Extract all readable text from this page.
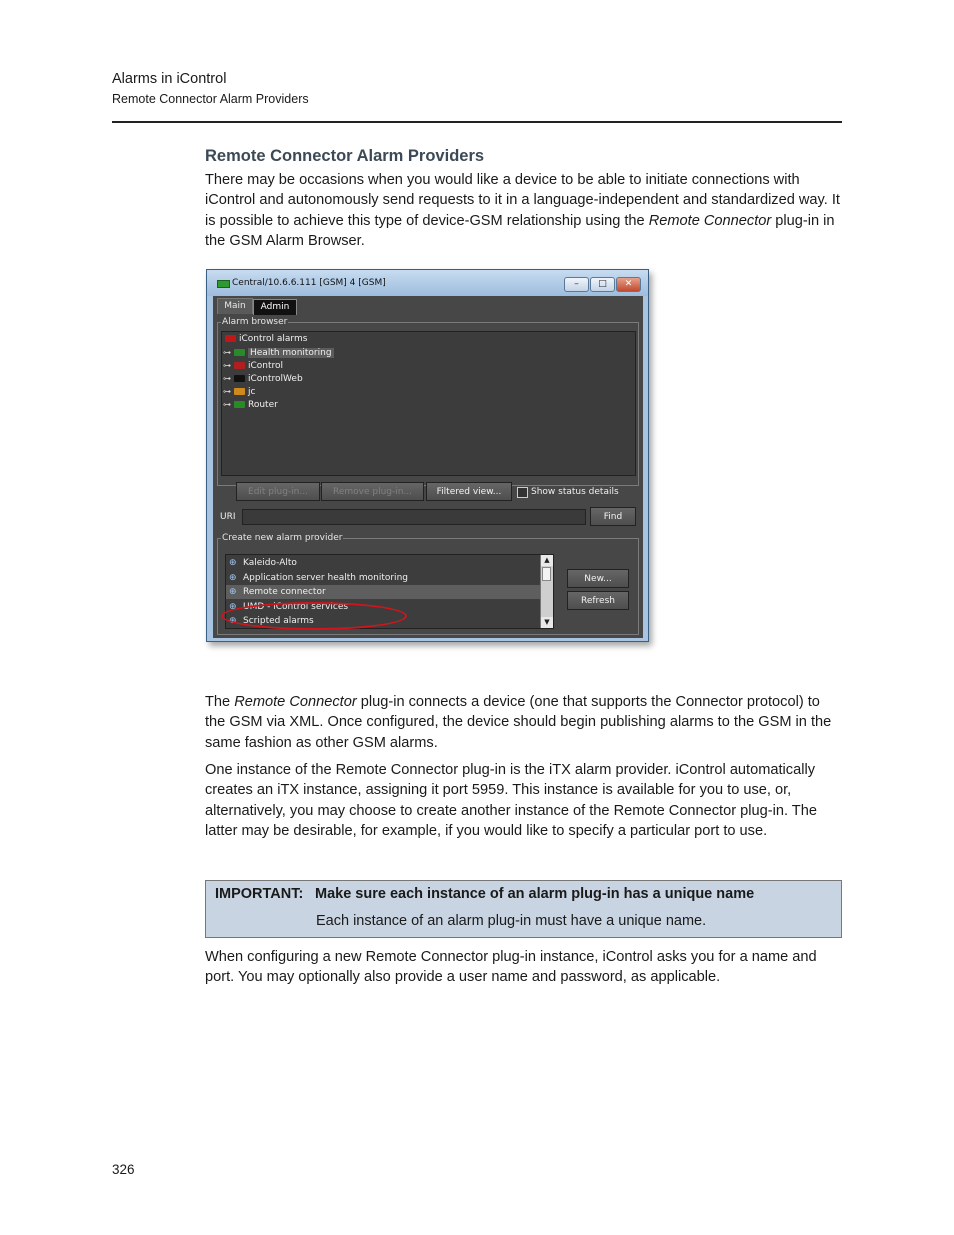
Alarms in iControl
Remote Connector Alarm Providers
Remote Connector Alarm Providers

There may be occasions when you would like a device to be able to initiate connections with iControl and autonomously send requests to it in a language-independent and standardized way. It is possible to achieve this type of device-GSM relationship using the Remote Connector plug-in in the GSM Alarm Browser.

Central/10.6.6.111 [GSM] 4 [GSM]	–	□	✕
Main	Admin
Alarm browser
iControl alarms
⊶ Health monitoring
⊶ iControl
⊶ iControlWeb
⊶ jc
⊶ Router
Edit plug-in...	Remove plug-in...	Filtered view...	Show status details
URI	Find
Create new alarm provider
⊕ Kaleido-Alto
⊕ Application server health monitoring
⊕ Remote connector
⊕ UMD - iControl services
⊕ Scripted alarms
▲
▼
New...
Refresh

The Remote Connector plug-in connects a device (one that supports the Connector protocol) to the GSM via XML. Once configured, the device should begin publishing alarms to the GSM in the same fashion as other GSM alarms.

One instance of the Remote Connector plug-in is the iTX alarm provider. iControl automatically creates an iTX instance, assigning it port 5959. This instance is available for you to use, or, alternatively, you may choose to create another instance of the Remote Connector plug-in. The latter may be desirable, for example, if you would like to specify a particular port to use.

IMPORTANT: Make sure each instance of an alarm plug-in has a unique name
Each instance of an alarm plug-in must have a unique name.

When configuring a new Remote Connector plug-in instance, iControl asks you for a name and port. You may optionally also provide a user name and password, as applicable.

326
